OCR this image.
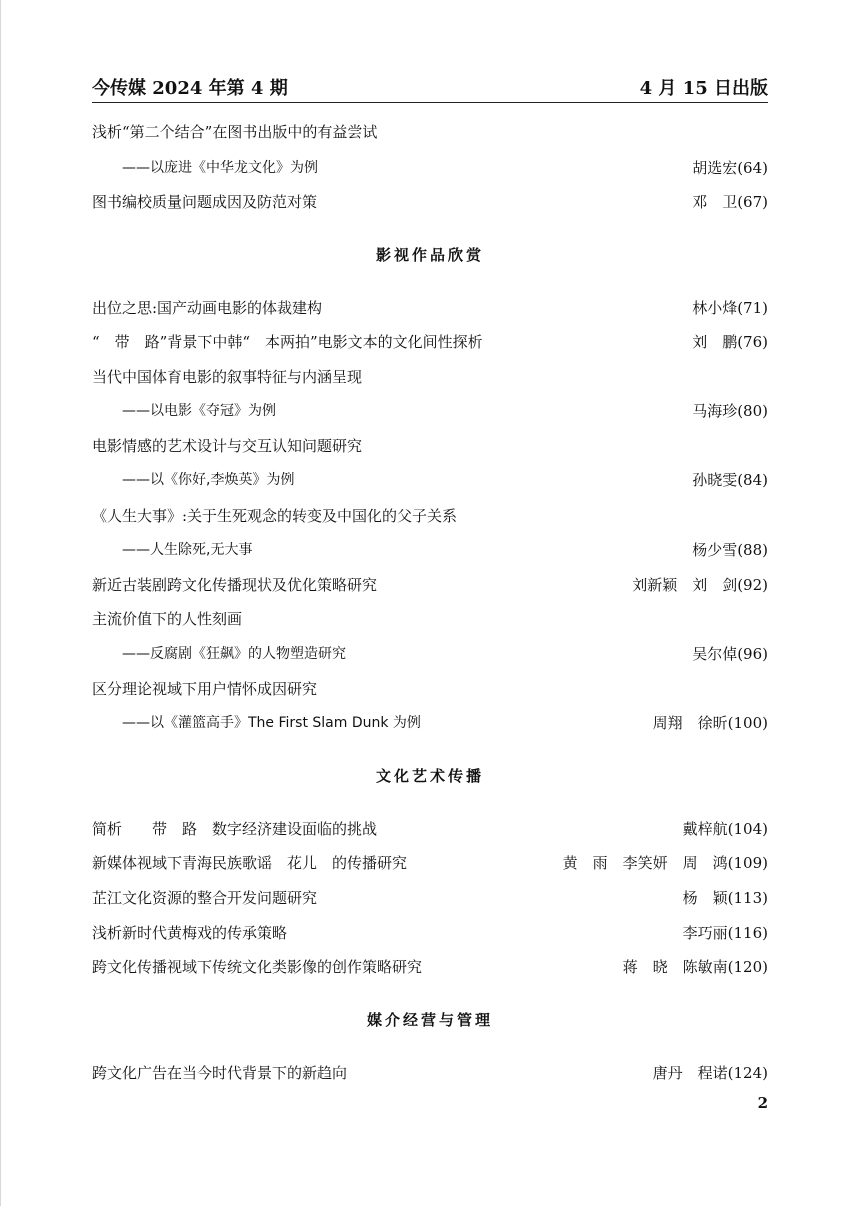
今传媒 2024 年第 4 期	4 月 15 日出版
浅析“第二个结合”在图书出版中的有益尝试
——以庞进《中华龙文化》为例	胡选宏(64)
图书编校质量问题成因及防范对策	邓　卫(67)
影视作品欣赏
出位之思:国产动画电影的体裁建构	林小烽(71)
“　带　路”背景下中韩“　本两拍”电影文本的文化间性探析	刘　鹏(76)
当代中国体育电影的叙事特征与内涵呈现
——以电影《夺冠》为例	马海珍(80)
电影情感的艺术设计与交互认知问题研究
——以《你好,李焕英》为例	孙晓雯(84)
《人生大事》:关于生死观念的转变及中国化的父子关系
——人生除死,无大事	杨少雪(88)
新近古装剧跨文化传播现状及优化策略研究	刘新颖　刘　剑(92)
主流价值下的人性刻画
——反腐剧《狂飙》的人物塑造研究	吴尔倬(96)
区分理论视域下用户情怀成因研究
——以《灌篮高手》The First Slam Dunk 为例	周翔　徐昕(100)
文化艺术传播
简析　　带　路　数字经济建设面临的挑战	戴梓航(104)
新媒体视域下青海民族歌谣　花儿　的传播研究	黄　雨　李笑妍　周　鸿(109)
芷江文化资源的整合开发问题研究	杨　颖(113)
浅析新时代黄梅戏的传承策略	李巧丽(116)
跨文化传播视域下传统文化类影像的创作策略研究	蒋　晓　陈敏南(120)
媒介经营与管理
跨文化广告在当今时代背景下的新趋向	唐丹　程诺(124)
2
